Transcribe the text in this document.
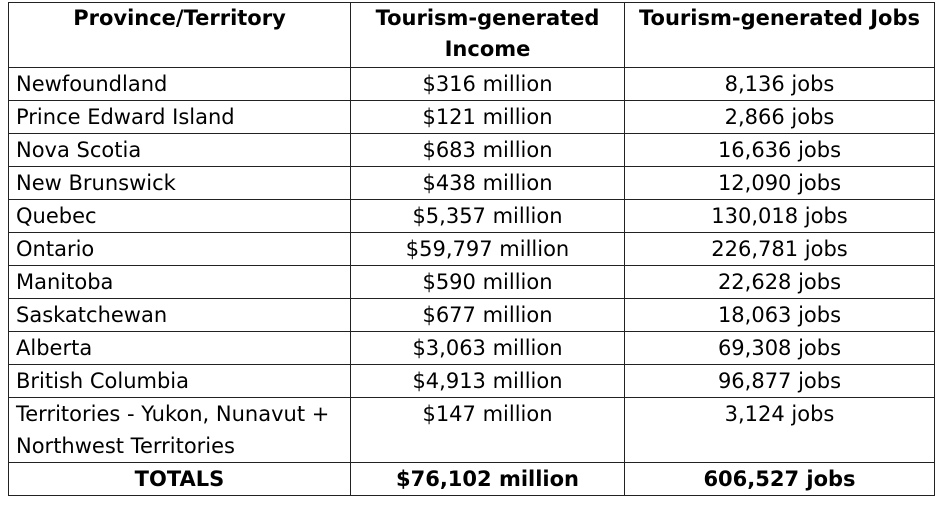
Province/Territory	Tourism-generated Income	Tourism-generated Jobs
Newfoundland	$316 million	8,136 jobs
Prince Edward Island	$121 million	2,866 jobs
Nova Scotia	$683 million	16,636 jobs
New Brunswick	$438 million	12,090 jobs
Quebec	$5,357 million	130,018 jobs
Ontario	$59,797 million	226,781 jobs
Manitoba	$590 million	22,628 jobs
Saskatchewan	$677 million	18,063 jobs
Alberta	$3,063 million	69,308 jobs
British Columbia	$4,913 million	96,877 jobs
Territories - Yukon, Nunavut + Northwest Territories	$147 million	3,124 jobs
TOTALS	$76,102 million	606,527 jobs
